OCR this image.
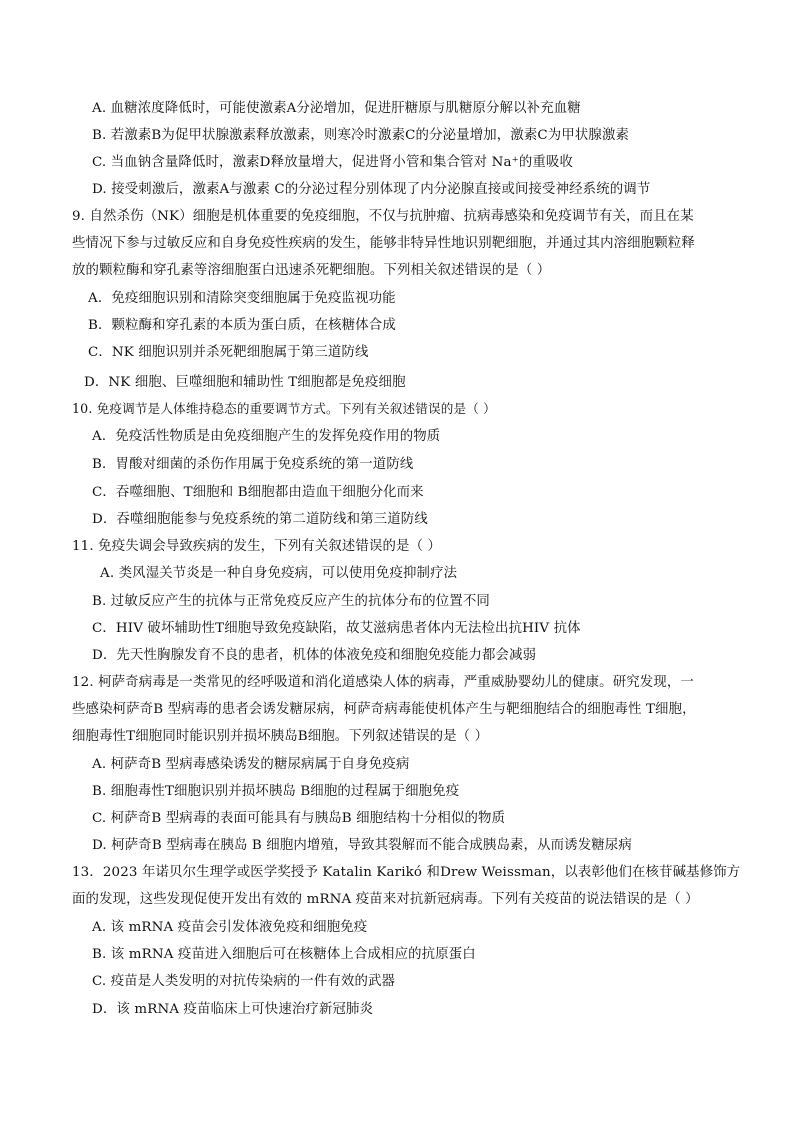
A. 血糖浓度降低时，可能使激素A分泌增加，促进肝糖原与肌糖原分解以补充血糖
B. 若激素B为促甲状腺激素释放激素，则寒冷时激素C的分泌量增加，激素C为甲状腺激素
C. 当血钠含量降低时，激素D释放量增大，促进肾小管和集合管对 Na⁺的重吸收
D. 接受刺激后，激素A与激素 C的分泌过程分别体现了内分泌腺直接或间接受神经系统的调节
9. 自然杀伤（NK）细胞是机体重要的免疫细胞，不仅与抗肿瘤、抗病毒感染和免疫调节有关，而且在某
些情况下参与过敏反应和自身免疫性疾病的发生，能够非特异性地识别靶细胞，并通过其内溶细胞颗粒释
放的颗粒酶和穿孔素等溶细胞蛋白迅速杀死靶细胞。下列相关叙述错误的是（ ）
A．免疫细胞识别和清除突变细胞属于免疫监视功能
B．颗粒酶和穿孔素的本质为蛋白质，在核糖体合成
C．NK 细胞识别并杀死靶细胞属于第三道防线
D．NK 细胞、巨噬细胞和辅助性 T细胞都是免疫细胞
10. 免疫调节是人体维持稳态的重要调节方式。下列有关叙述错误的是（ ）
A．免疫活性物质是由免疫细胞产生的发挥免疫作用的物质
B．胃酸对细菌的杀伤作用属于免疫系统的第一道防线
C．吞噬细胞、T细胞和 B细胞都由造血干细胞分化而来
D．吞噬细胞能参与免疫系统的第二道防线和第三道防线
11. 免疫失调会导致疾病的发生，下列有关叙述错误的是（ ）
A. 类风湿关节炎是一种自身免疫病，可以使用免疫抑制疗法
B. 过敏反应产生的抗体与正常免疫反应产生的抗体分布的位置不同
C．HIV 破坏辅助性T细胞导致免疫缺陷，故艾滋病患者体内无法检出抗HIV 抗体
D．先天性胸腺发育不良的患者，机体的体液免疫和细胞免疫能力都会减弱
12. 柯萨奇病毒是一类常见的经呼吸道和消化道感染人体的病毒，严重威胁婴幼儿的健康。研究发现，一
些感染柯萨奇B 型病毒的患者会诱发糖尿病，柯萨奇病毒能使机体产生与靶细胞结合的细胞毒性 T细胞，
细胞毒性T细胞同时能识别并损坏胰岛B细胞。下列叙述错误的是（ ）
A. 柯萨奇B 型病毒感染诱发的糖尿病属于自身免疫病
B. 细胞毒性T细胞识别并损坏胰岛 B细胞的过程属于细胞免疫
C. 柯萨奇B 型病毒的表面可能具有与胰岛B 细胞结构十分相似的物质
D. 柯萨奇B 型病毒在胰岛 B 细胞内增殖，导致其裂解而不能合成胰岛素，从而诱发糖尿病
13．2023 年诺贝尔生理学或医学奖授予 Katalin Karikó 和Drew Weissman，以表彰他们在核苷碱基修饰方
面的发现，这些发现促使开发出有效的 mRNA 疫苗来对抗新冠病毒。下列有关疫苗的说法错误的是（ ）
A. 该 mRNA 疫苗会引发体液免疫和细胞免疫
B. 该 mRNA 疫苗进入细胞后可在核糖体上合成相应的抗原蛋白
C. 疫苗是人类发明的对抗传染病的一件有效的武器
D．该 mRNA 疫苗临床上可快速治疗新冠肺炎
